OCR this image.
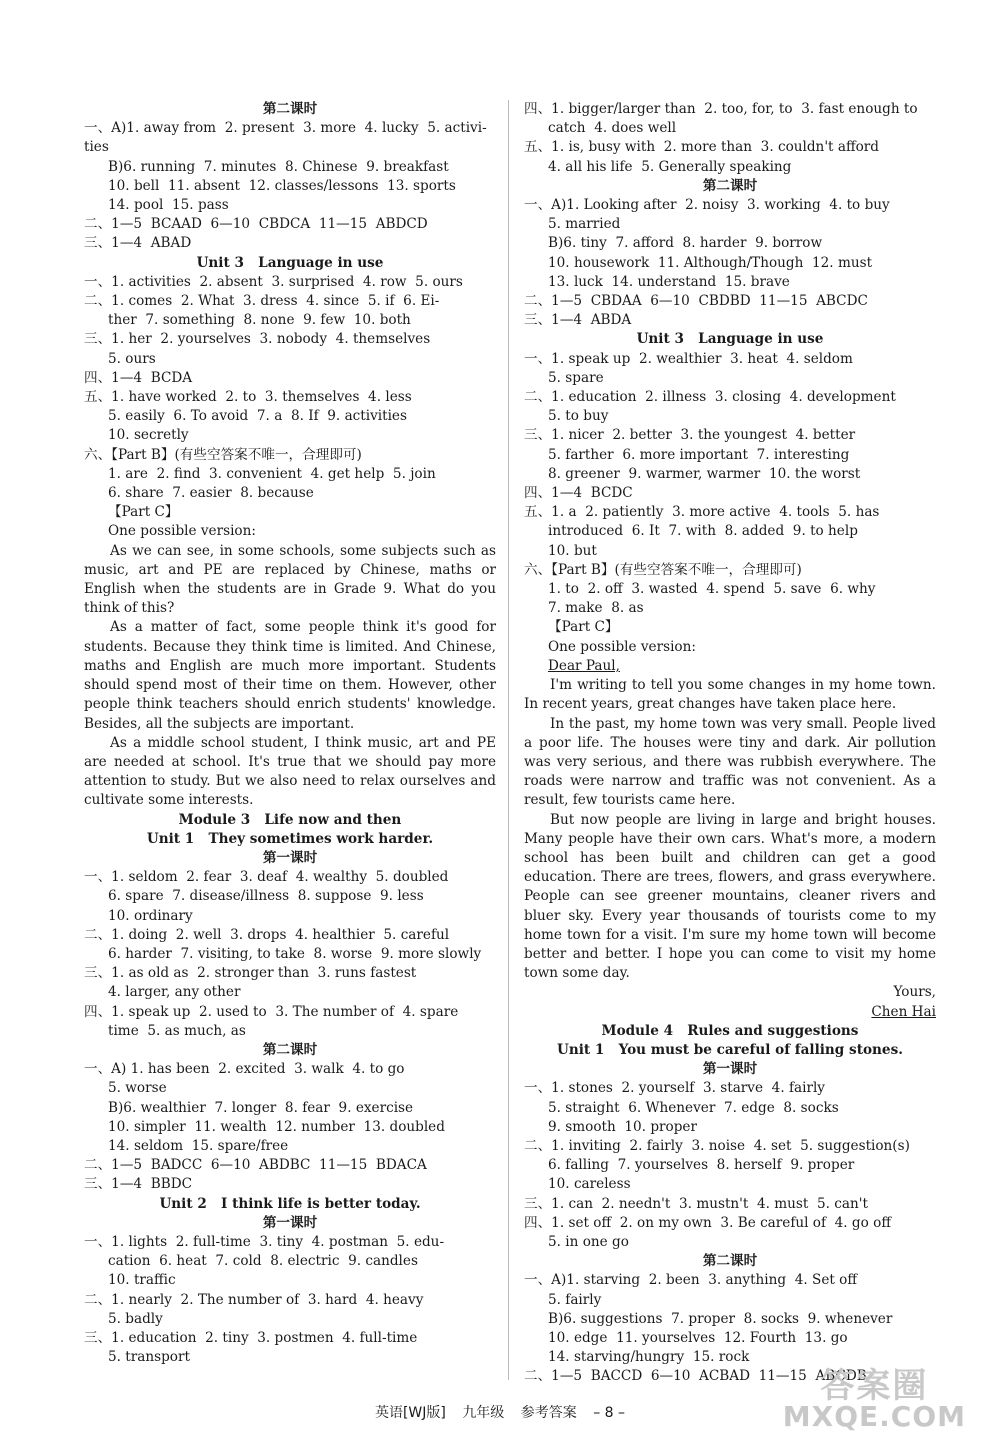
第二课时
一、A)1. away from  2. present  3. more  4. lucky  5. activi-
ties
B)6. running  7. minutes  8. Chinese  9. breakfast
10. bell  11. absent  12. classes/lessons  13. sports
14. pool  15. pass
二、1—5  BCAAD  6—10  CBDCA  11—15  ABDCD
三、1—4  ABAD
Unit 3   Language in use
一、1. activities  2. absent  3. surprised  4. row  5. ours
二、1. comes  2. What  3. dress  4. since  5. if  6. Ei-
ther  7. something  8. none  9. few  10. both
三、1. her  2. yourselves  3. nobody  4. themselves
5. ours
四、1—4  BCDA
五、1. have worked  2. to  3. themselves  4. less
5. easily  6. To avoid  7. a  8. If  9. activities
10. secretly
六、【Part B】(有些空答案不唯一，合理即可)
1. are  2. find  3. convenient  4. get help  5. join
6. share  7. easier  8. because
【Part C】
One possible version:
As we can see, in some schools, some subjects such as music, art and PE are replaced by Chinese, maths or English when the students are in Grade 9. What do you think of this?
As a matter of fact, some people think it's good for students. Because they think time is limited. And Chinese, maths and English are much more important. Students should spend most of their time on them. However, other people think teachers should enrich students' knowledge. Besides, all the subjects are important.
As a middle school student, I think music, art and PE are needed at school. It's true that we should pay more attention to study. But we also need to relax ourselves and cultivate some interests.
Module 3   Life now and then
Unit 1   They sometimes work harder.
第一课时
一、1. seldom  2. fear  3. deaf  4. wealthy  5. doubled
6. spare  7. disease/illness  8. suppose  9. less
10. ordinary
二、1. doing  2. well  3. drops  4. healthier  5. careful
6. harder  7. visiting, to take  8. worse  9. more slowly
三、1. as old as  2. stronger than  3. runs fastest
4. larger, any other
四、1. speak up  2. used to  3. The number of  4. spare
time  5. as much, as
第二课时
一、A) 1. has been  2. excited  3. walk  4. to go
5. worse
B)6. wealthier  7. longer  8. fear  9. exercise
10. simpler  11. wealth  12. number  13. doubled
14. seldom  15. spare/free
二、1—5  BADCC  6—10  ABDBC  11—15  BDACA
三、1—4  BBDC
Unit 2   I think life is better today.
第一课时
一、1. lights  2. full-time  3. tiny  4. postman  5. edu-
cation  6. heat  7. cold  8. electric  9. candles
10. traffic
二、1. nearly  2. The number of  3. hard  4. heavy
5. badly
三、1. education  2. tiny  3. postmen  4. full-time
5. transport
四、1. bigger/larger than  2. too, for, to  3. fast enough to
catch  4. does well
五、1. is, busy with  2. more than  3. couldn't afford
4. all his life  5. Generally speaking
第二课时
一、A)1. Looking after  2. noisy  3. working  4. to buy
5. married
B)6. tiny  7. afford  8. harder  9. borrow
10. housework  11. Although/Though  12. must
13. luck  14. understand  15. brave
二、1—5  CBDAA  6—10  CBDBD  11—15  ABCDC
三、1—4  ABDA
Unit 3   Language in use
一、1. speak up  2. wealthier  3. heat  4. seldom
5. spare
二、1. education  2. illness  3. closing  4. development
5. to buy
三、1. nicer  2. better  3. the youngest  4. better
5. farther  6. more important  7. interesting
8. greener  9. warmer, warmer  10. the worst
四、1—4  BCDC
五、1. a  2. patiently  3. more active  4. tools  5. has
introduced  6. It  7. with  8. added  9. to help
10. but
六、【Part B】(有些空答案不唯一，合理即可)
1. to  2. off  3. wasted  4. spend  5. save  6. why
7. make  8. as
【Part C】
One possible version:
Dear Paul,
I'm writing to tell you some changes in my home town. In recent years, great changes have taken place here.
In the past, my home town was very small. People lived a poor life. The houses were tiny and dark. Air pollution was very serious, and there was rubbish everywhere. The roads were narrow and traffic was not convenient. As a result, few tourists came here.
But now people are living in large and bright houses. Many people have their own cars. What's more, a modern school has been built and children can get a good education. There are trees, flowers, and grass everywhere. People can see greener mountains, cleaner rivers and bluer sky. Every year thousands of tourists come to my home town for a visit. I'm sure my home town will become better and better. I hope you can come to visit my home town some day.
Yours,
Chen Hai
Module 4   Rules and suggestions
Unit 1   You must be careful of falling stones.
第一课时
一、1. stones  2. yourself  3. starve  4. fairly
5. straight  6. Whenever  7. edge  8. socks
9. smooth  10. proper
二、1. inviting  2. fairly  3. noise  4. set  5. suggestion(s)
6. falling  7. yourselves  8. herself  9. proper
10. careless
三、1. can  2. needn't  3. mustn't  4. must  5. can't
四、1. set off  2. on my own  3. Be careful of  4. go off
5. in one go
第二课时
一、A)1. starving  2. been  3. anything  4. Set off
5. fairly
B)6. suggestions  7. proper  8. socks  9. whenever
10. edge  11. yourselves  12. Fourth  13. go
14. starving/hungry  15. rock
二、1—5  BACCD  6—10  ACBAD  11—15  ABCDB
英语[WJ版] 九年级 参考答案 – 8 –
答案圈
MXQE.COM
